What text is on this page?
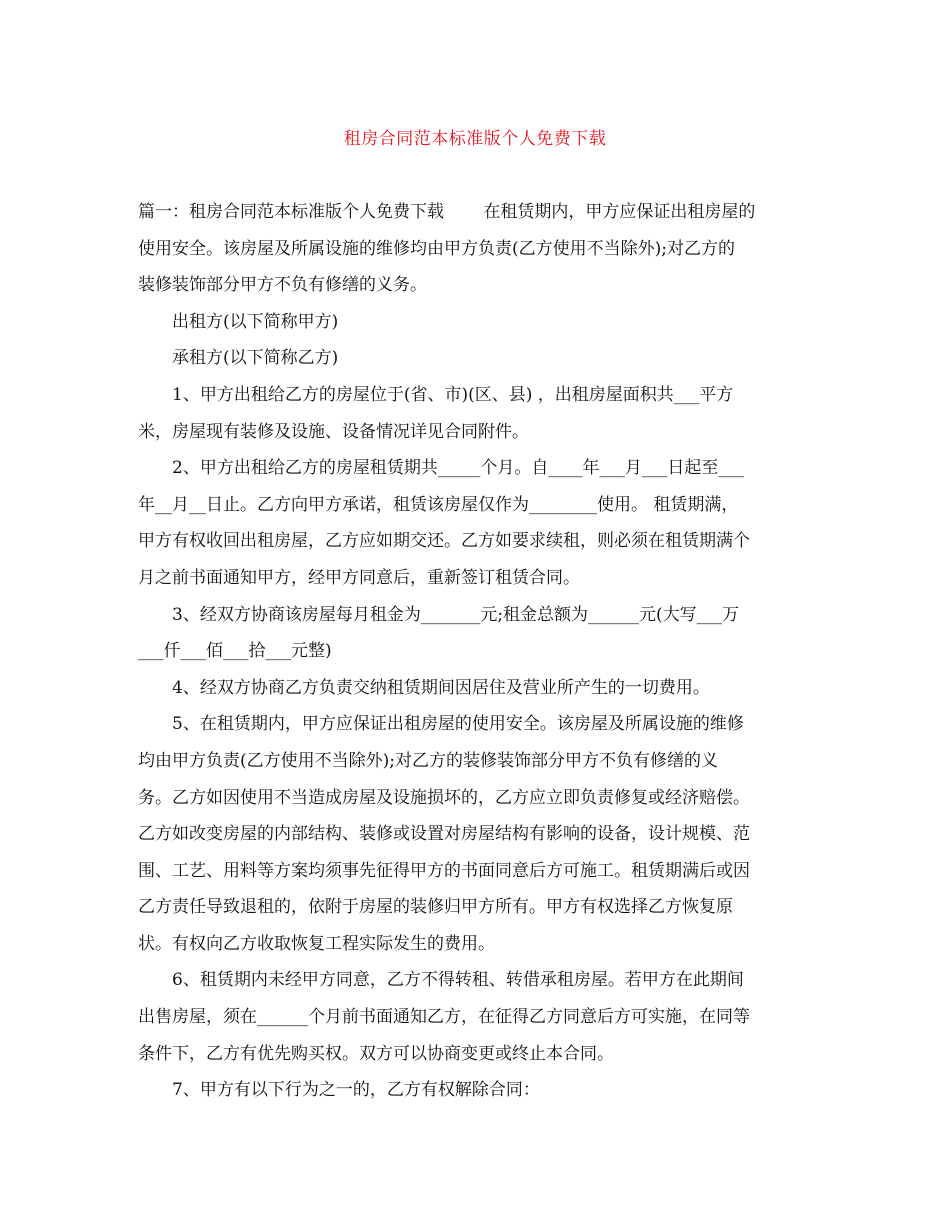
租房合同范本标准版个人免费下载
篇一：租房合同范本标准版个人免费下载　　 在租赁期内，甲方应保证出租房屋的
使用安全。该房屋及所属设施的维修均由甲方负责(乙方使用不当除外);对乙方的
装修装饰部分甲方不负有修缮的义务。
　　出租方(以下简称甲方)
　　承租方(以下简称乙方)
　　1、甲方出租给乙方的房屋位于(省、市)(区、县) ，出租房屋面积共___平方
米，房屋现有装修及设施、设备情况详见合同附件。
　　2、甲方出租给乙方的房屋租赁期共_____个月。自____年___月___日起至___
年__月__日止。乙方向甲方承诺，租赁该房屋仅作为________使用。 租赁期满，
甲方有权收回出租房屋，乙方应如期交还。乙方如要求续租，则必须在租赁期满个
月之前书面通知甲方，经甲方同意后，重新签订租赁合同。
　　3、经双方协商该房屋每月租金为_______元;租金总额为______元(大写___万
___仟___佰___拾___元整)
　　4、经双方协商乙方负责交纳租赁期间因居住及营业所产生的一切费用。
　　5、在租赁期内，甲方应保证出租房屋的使用安全。该房屋及所属设施的维修
均由甲方负责(乙方使用不当除外);对乙方的装修装饰部分甲方不负有修缮的义
务。乙方如因使用不当造成房屋及设施损坏的，乙方应立即负责修复或经济赔偿。
乙方如改变房屋的内部结构、装修或设置对房屋结构有影响的设备，设计规模、范
围、工艺、用料等方案均须事先征得甲方的书面同意后方可施工。租赁期满后或因
乙方责任导致退租的，依附于房屋的装修归甲方所有。甲方有权选择乙方恢复原
状。有权向乙方收取恢复工程实际发生的费用。
　　6、租赁期内未经甲方同意，乙方不得转租、转借承租房屋。若甲方在此期间
出售房屋，须在______个月前书面通知乙方，在征得乙方同意后方可实施，在同等
条件下，乙方有优先购买权。双方可以协商变更或终止本合同。
　　7、甲方有以下行为之一的，乙方有权解除合同：
